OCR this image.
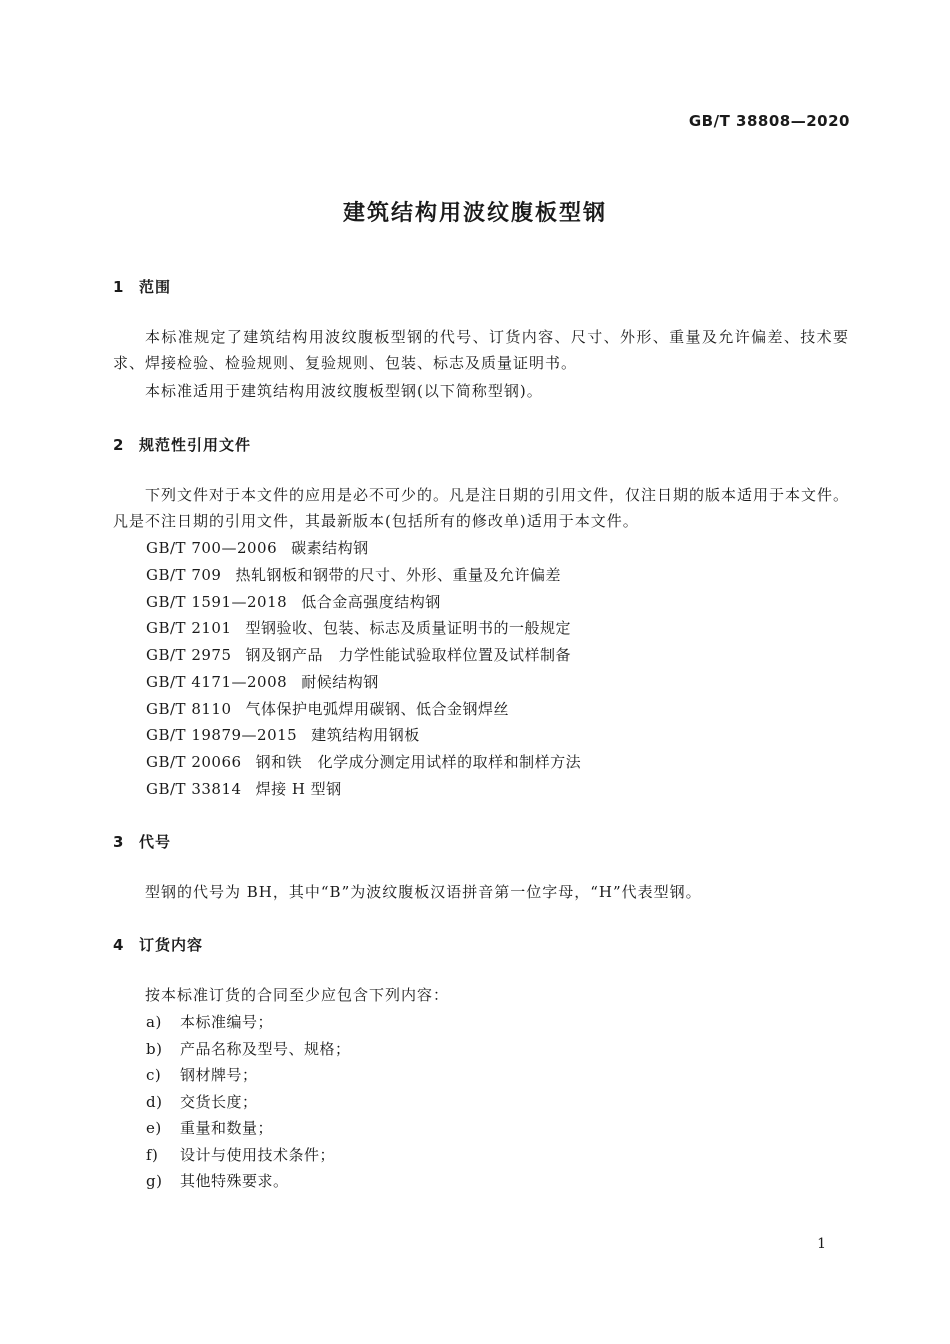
GB/T 38808—2020
建筑结构用波纹腹板型钢
1	范围
本标准规定了建筑结构用波纹腹板型钢的代号、订货内容、尺寸、外形、重量及允许偏差、技术要求、焊接检验、检验规则、复验规则、包装、标志及质量证明书。
本标准适用于建筑结构用波纹腹板型钢(以下简称型钢)。
2	规范性引用文件
下列文件对于本文件的应用是必不可少的。凡是注日期的引用文件，仅注日期的版本适用于本文件。凡是不注日期的引用文件，其最新版本(包括所有的修改单)适用于本文件。
GB/T 700—2006 碳素结构钢
GB/T 709 热轧钢板和钢带的尺寸、外形、重量及允许偏差
GB/T 1591—2018 低合金高强度结构钢
GB/T 2101 型钢验收、包装、标志及质量证明书的一般规定
GB/T 2975 钢及钢产品　力学性能试验取样位置及试样制备
GB/T 4171—2008 耐候结构钢
GB/T 8110 气体保护电弧焊用碳钢、低合金钢焊丝
GB/T 19879—2015 建筑结构用钢板
GB/T 20066 钢和铁　化学成分测定用试样的取样和制样方法
GB/T 33814 焊接 H 型钢
3	代号
型钢的代号为 BH，其中“B”为波纹腹板汉语拼音第一位字母，“H”代表型钢。
4	订货内容
按本标准订货的合同至少应包含下列内容：
a) 本标准编号；
b) 产品名称及型号、规格；
c) 钢材牌号；
d) 交货长度；
e) 重量和数量；
f) 设计与使用技术条件；
g) 其他特殊要求。
1
